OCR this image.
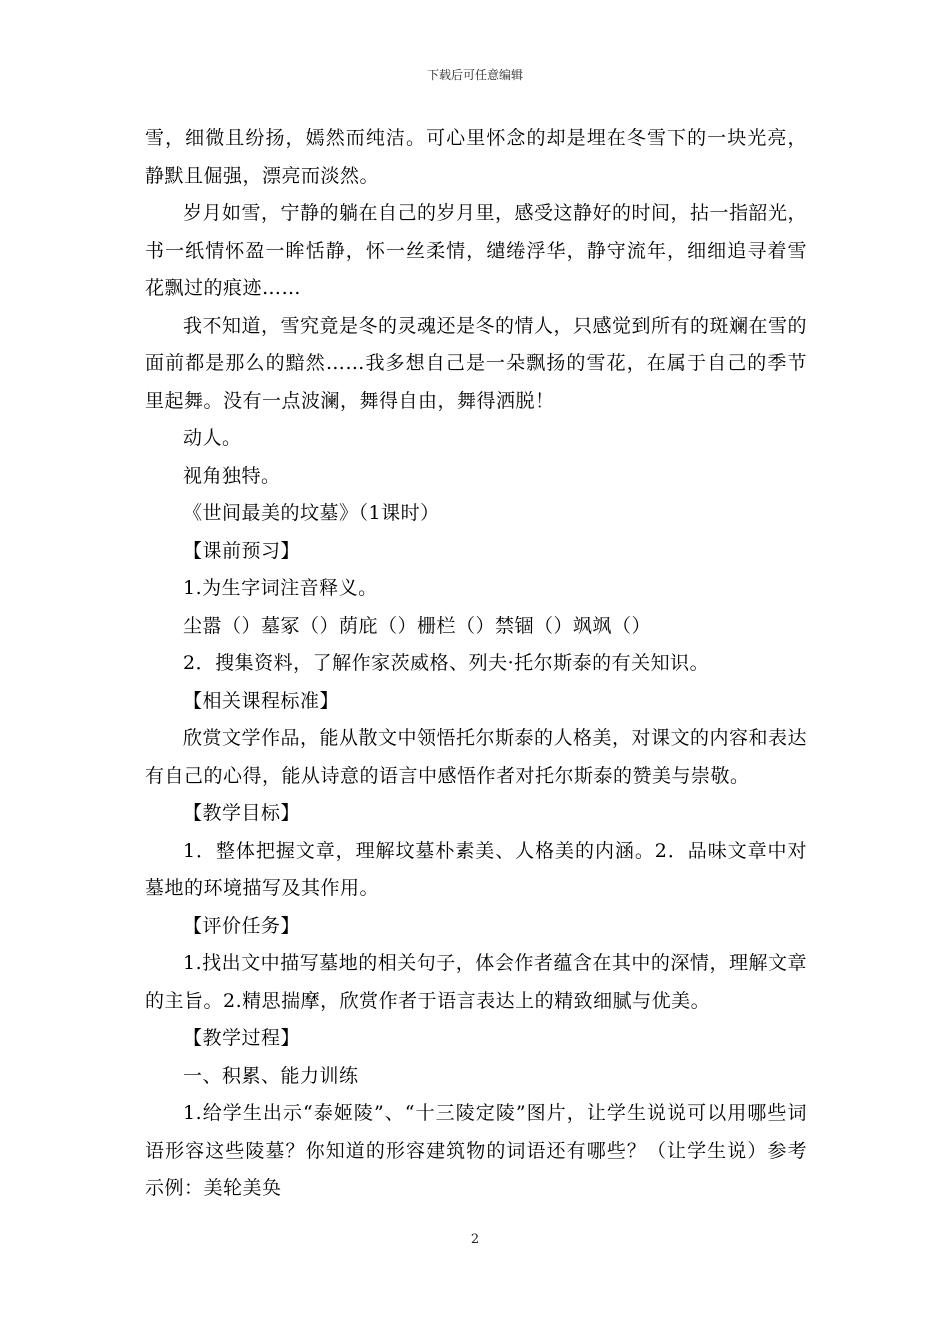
下载后可任意编辑

雪，细微且纷扬，嫣然而纯洁。可心里怀念的却是埋在冬雪下的一块光亮，静默且倔强，漂亮而淡然。

岁月如雪，宁静的躺在自己的岁月里，感受这静好的时间，拈一指韶光，书一纸情怀盈一眸恬静，怀一丝柔情，缱绻浮华，静守流年，细细追寻着雪花飘过的痕迹……

我不知道，雪究竟是冬的灵魂还是冬的情人，只感觉到所有的斑斓在雪的面前都是那么的黯然……我多想自己是一朵飘扬的雪花，在属于自己的季节里起舞。没有一点波澜，舞得自由，舞得洒脱！

动人。

视角独特。

《世间最美的坟墓》（1课时）

【课前预习】

1.为生字词注音释义。

尘嚣（）墓冢（）荫庇（）栅栏（）禁锢（）飒飒（）

2．搜集资料，了解作家茨威格、列夫·托尔斯泰的有关知识。

【相关课程标准】

欣赏文学作品，能从散文中领悟托尔斯泰的人格美，对课文的内容和表达有自己的心得，能从诗意的语言中感悟作者对托尔斯泰的赞美与崇敬。

【教学目标】

1．整体把握文章，理解坟墓朴素美、人格美的内涵。2．品味文章中对墓地的环境描写及其作用。

【评价任务】

1.找出文中描写墓地的相关句子，体会作者蕴含在其中的深情，理解文章的主旨。2.精思揣摩，欣赏作者于语言表达上的精致细腻与优美。

【教学过程】

一、积累、能力训练

1.给学生出示“泰姬陵”、“十三陵定陵”图片，让学生说说可以用哪些词语形容这些陵墓？你知道的形容建筑物的词语还有哪些？（让学生说）参考示例：美轮美奂

2
